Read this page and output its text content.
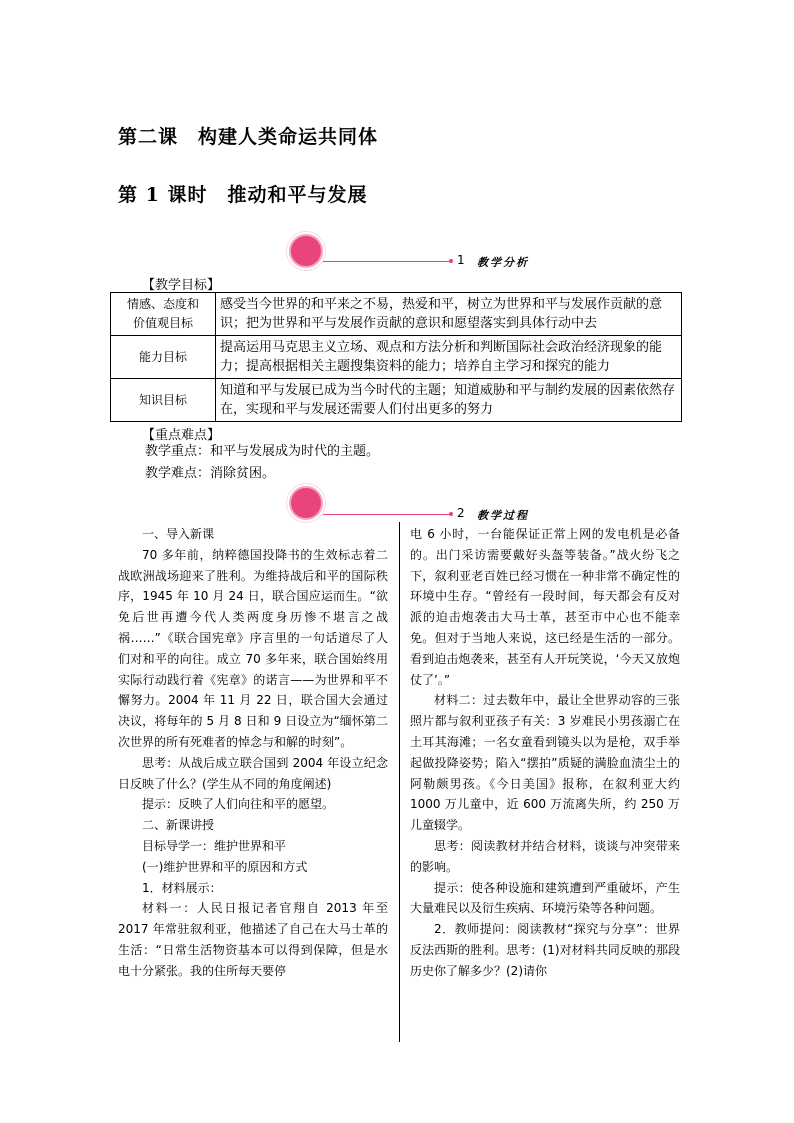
第二课　构建人类命运共同体
第 1 课时　推动和平与发展
1 教学分析
【教学目标】
情感、态度和
价值观目标	感受当今世界的和平来之不易，热爱和平，树立为世界和平与发展作贡献的意识；把为世界和平与发展作贡献的意识和愿望落实到具体行动中去

能力目标	提高运用马克思主义立场、观点和方法分析和判断国际社会政治经济现象的能力；提高根据相关主题搜集资料的能力；培养自主学习和探究的能力

知识目标	知道和平与发展已成为当今时代的主题；知道威胁和平与制约发展的因素依然存在，实现和平与发展还需要人们付出更多的努力
【重点难点】
教学重点：和平与发展成为时代的主题。
教学难点：消除贫困。
2 教学过程

一、导入新课

70 多年前，纳粹德国投降书的生效标志着二战欧洲战场迎来了胜利。为维持战后和平的国际秩序，1945 年 10 月 24 日，联合国应运而生。“欲免后世再遭今代人类两度身历惨不堪言之战祸……”《联合国宪章》序言里的一句话道尽了人们对和平的向往。成立 70 多年来，联合国始终用实际行动践行着《宪章》的诺言——为世界和平不懈努力。2004 年 11 月 22 日，联合国大会通过决议，将每年的 5 月 8 日和 9 日设立为“缅怀第二次世界的所有死难者的悼念与和解的时刻”。

思考：从战后成立联合国到 2004 年设立纪念日反映了什么？(学生从不同的角度阐述)

提示：反映了人们向往和平的愿望。

二、新课讲授

目标导学一：维护世界和平

(一)维护世界和平的原因和方式

1．材料展示：

材料一：人民日报记者官翔自 2013 年至 2017 年常驻叙利亚，他描述了自己在大马士革的生活：“日常生活物资基本可以得到保障，但是水电十分紧张。我的住所每天要停

电 6 小时，一台能保证正常上网的发电机是必备的。出门采访需要戴好头盔等装备。”战火纷飞之下，叙利亚老百姓已经习惯在一种非常不确定性的环境中生存。“曾经有一段时间，每天都会有反对派的迫击炮袭击大马士革，甚至市中心也不能幸免。但对于当地人来说，这已经是生活的一部分。看到迫击炮袭来，甚至有人开玩笑说，‘今天又放炮仗了’。”

材料二：过去数年中，最让全世界动容的三张照片都与叙利亚孩子有关：3 岁难民小男孩溺亡在土耳其海滩；一名女童看到镜头以为是枪，双手举起做投降姿势；陷入“摆拍”质疑的满脸血渍尘土的阿勒颇男孩。《今日美国》报称，在叙利亚大约 1000 万儿童中，近 600 万流离失所，约 250 万儿童辍学。

思考：阅读教材并结合材料，谈谈与冲突带来的影响。

提示：使各种设施和建筑遭到严重破坏，产生大量难民以及衍生疾病、环境污染等各种问题。

2．教师提问：阅读教材“探究与分享”：世界反法西斯的胜利。思考：(1)对材料共同反映的那段历史你了解多少？(2)请你
